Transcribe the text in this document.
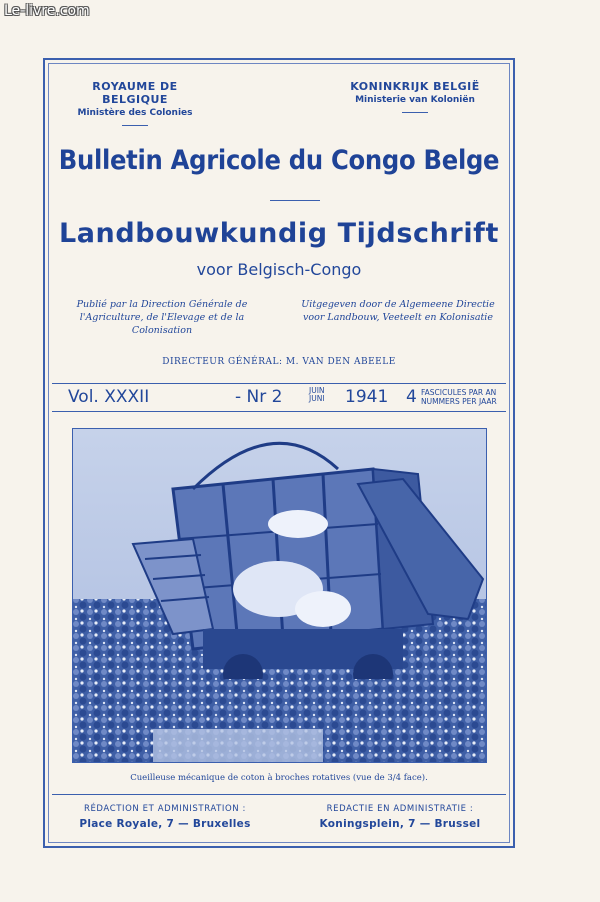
Le-livre.com
ROYAUME DE BELGIQUE
Ministère des Colonies
KONINKRIJK BELGIË
Ministerie van Koloniën
Bulletin Agricole du Congo Belge
Landbouwkundig Tijdschrift
voor Belgisch-Congo
Publié par la Direction Générale de l'Agriculture, de l'Elevage et de la Colonisation
Uitgegeven door de Algemeene Directie voor Landbouw, Veeteelt en Kolonisatie
DIRECTEUR GÉNÉRAL: M. VAN DEN ABEELE
Vol. XXXII	- Nr 2	JUIN
JUNI	1941 4 FASCICULES PAR AN
NUMMERS PER JAAR
Cueilleuse mécanique de coton à broches rotatives (vue de 3/4 face).
RÉDACTION ET ADMINISTRATION :
Place Royale, 7 — Bruxelles
REDACTIE EN ADMINISTRATIE :
Koningsplein, 7 — Brussel
